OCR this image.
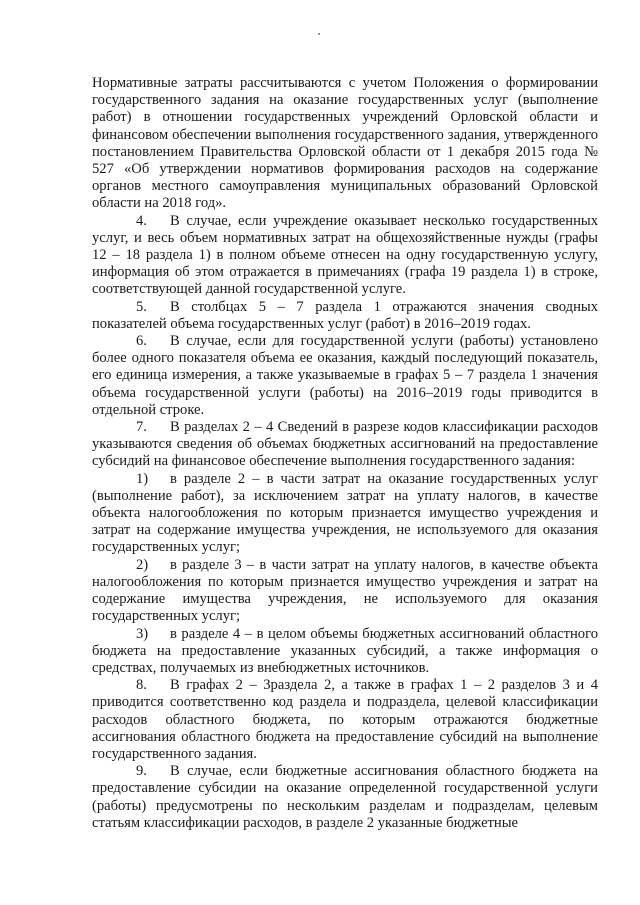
Нормативные затраты рассчитываются с учетом Положения о формировании государственного задания на оказание государственных услуг (выполнение работ) в отношении государственных учреждений Орловской области и финансовом обеспечении выполнения государственного задания, утвержденного постановлением Правительства Орловской области от 1 декабря 2015 года № 527 «Об утверждении нормативов формирования расходов на содержание органов местного самоуправления муниципальных образований Орловской области на 2018 год».

4. В случае, если учреждение оказывает несколько государственных услуг, и весь объем нормативных затрат на общехозяйственные нужды (графы 12 – 18 раздела 1) в полном объеме отнесен на одну государственную услугу, информация об этом отражается в примечаниях (графа 19 раздела 1) в строке, соответствующей данной государственной услуге.

5. В столбцах 5 – 7 раздела 1 отражаются значения сводных показателей объема государственных услуг (работ) в 2016–2019 годах.

6. В случае, если для государственной услуги (работы) установлено более одного показателя объема ее оказания, каждый последующий показатель, его единица измерения, а также указываемые в графах 5 – 7 раздела 1 значения объема государственной услуги (работы) на 2016–2019 годы приводится в отдельной строке.

7. В разделах 2 – 4 Сведений в разрезе кодов классификации расходов указываются сведения об объемах бюджетных ассигнований на предоставление субсидий на финансовое обеспечение выполнения государственного задания:

1) в разделе 2 – в части затрат на оказание государственных услуг (выполнение работ), за исключением затрат на уплату налогов, в качестве объекта налогообложения по которым признается имущество учреждения и затрат на содержание имущества учреждения, не используемого для оказания государственных услуг;

2) в разделе 3 – в части затрат на уплату налогов, в качестве объекта налогообложения по которым признается имущество учреждения и затрат на содержание имущества учреждения, не используемого для оказания государственных услуг;

3) в разделе 4 – в целом объемы бюджетных ассигнований областного бюджета на предоставление указанных субсидий, а также информация о средствах, получаемых из внебюджетных источников.

8. В графах 2 – 3раздела 2, а также в графах 1 – 2 разделов 3 и 4 приводится соответственно код раздела и подраздела, целевой классификации расходов областного бюджета, по которым отражаются бюджетные ассигнования областного бюджета на предоставление субсидий на выполнение государственного задания.

9. В случае, если бюджетные ассигнования областного бюджета на предоставление субсидии на оказание определенной государственной услуги (работы) предусмотрены по нескольким разделам и подразделам, целевым статьям классификации расходов, в разделе 2 указанные бюджетные
